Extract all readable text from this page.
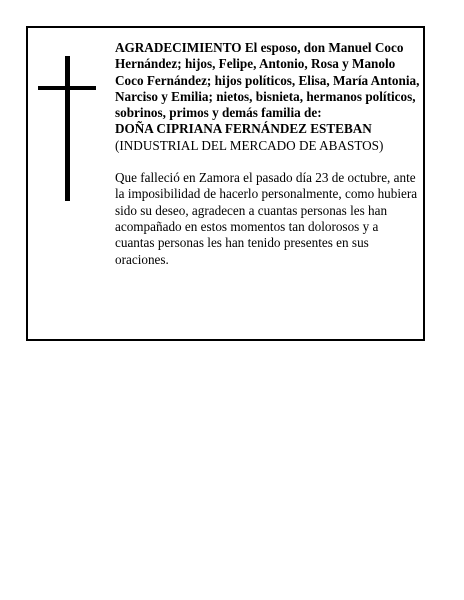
AGRADECIMIENTO El esposo, don Manuel Coco Hernández; hijos, Felipe, Antonio, Rosa y Manolo Coco Fernández; hijos políticos, Elisa, María Antonia, Narciso y Emilia; nietos, bisnieta, hermanos políticos, sobrinos, primos y demás familia de:

DOÑA CIPRIANA FERNÁNDEZ ESTEBAN

(INDUSTRIAL DEL MERCADO DE ABASTOS)

Que falleció en Zamora el pasado día 23 de octubre, ante la imposibilidad de hacerlo personalmente, como hubiera sido su deseo, agradecen a cuantas personas les han acompañado en estos momentos tan dolorosos y a cuantas personas les han tenido presentes en sus oraciones.
